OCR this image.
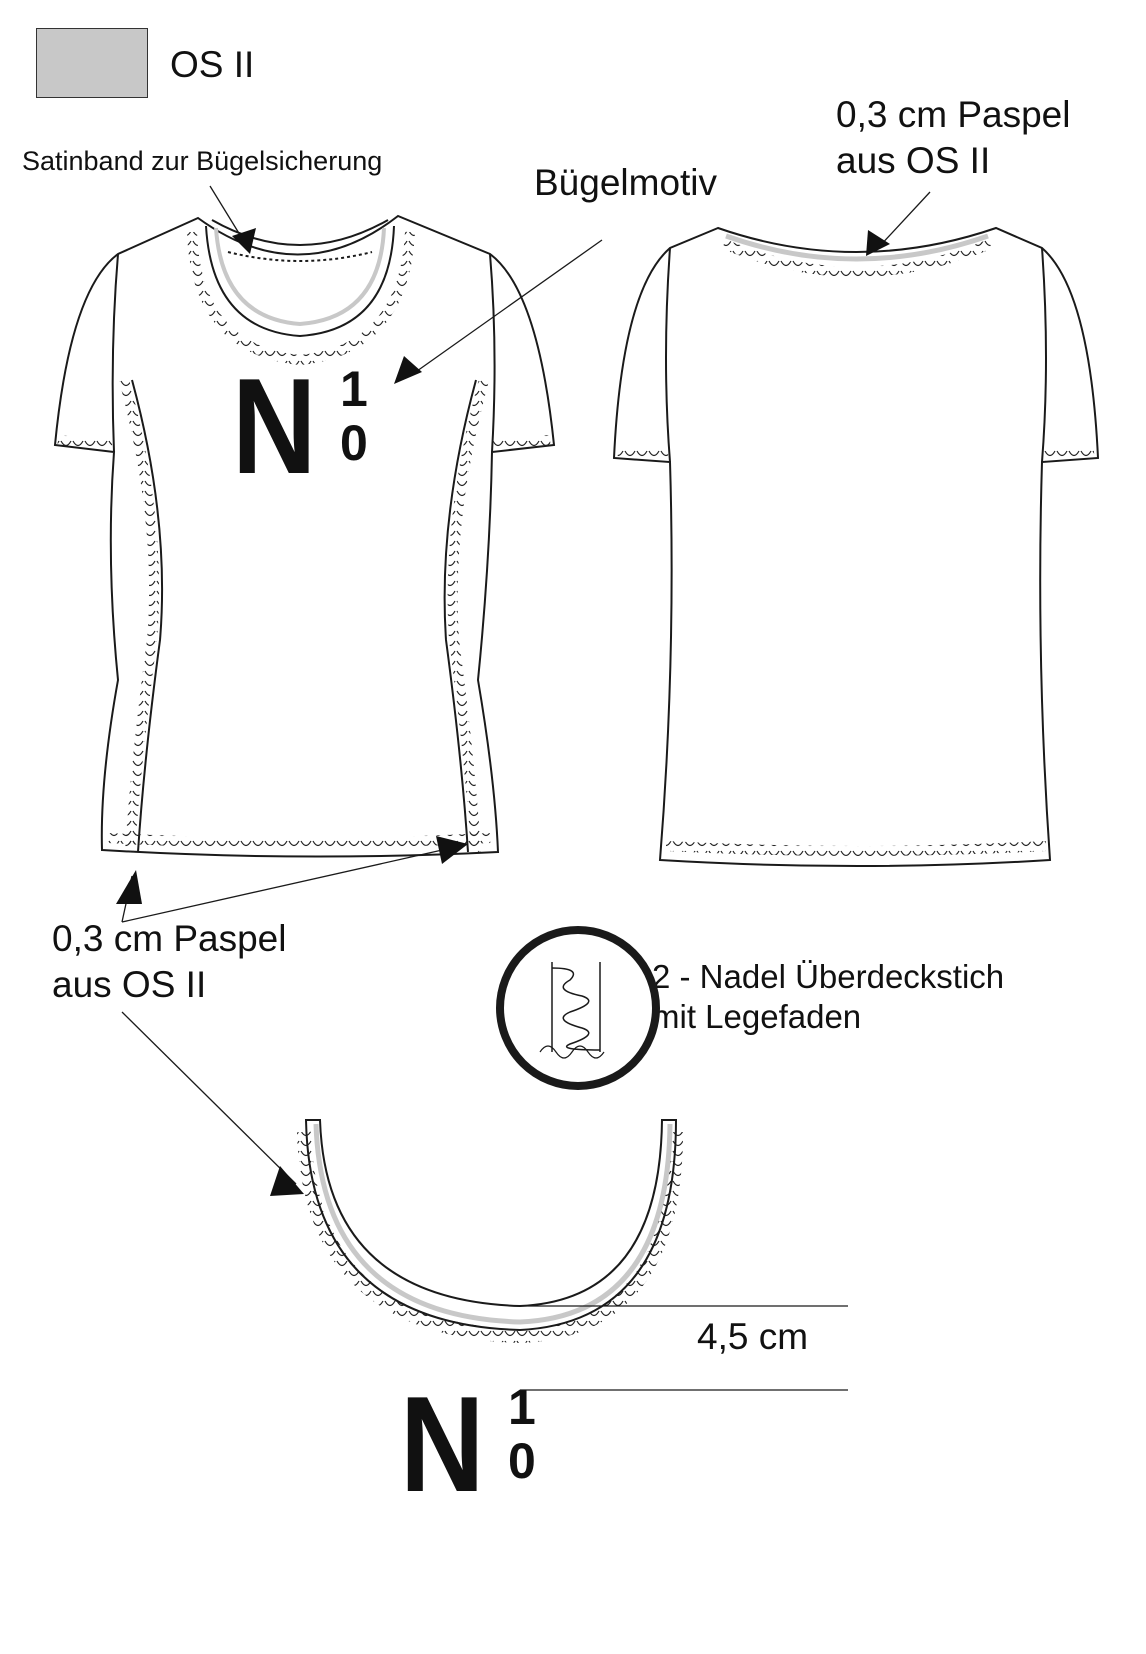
OS II
Satinband zur Bügelsicherung
Bügelmotiv
0,3 cm Paspel
aus OS II
0,3 cm Paspel
aus OS II	2 - Nadel Überdeckstich
mit Legefaden
4,5 cm
N 1
0
N 1
0
